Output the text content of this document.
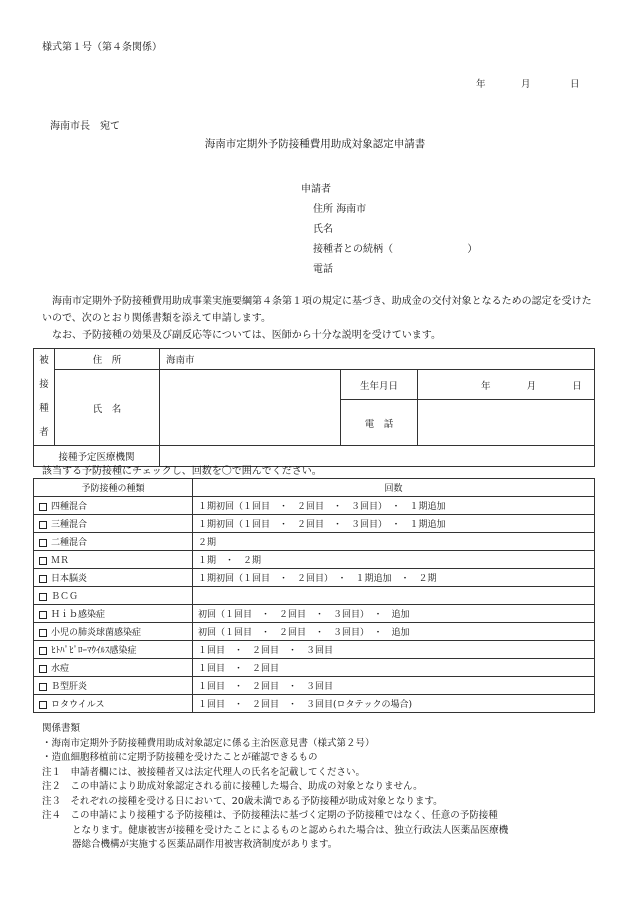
様式第１号（第４条関係）
年	月	日
海南市長　宛て
海南市定期外予防接種費用助成対象認定申請書
申請者
住所 海南市
氏名
接種者との続柄（	）
電話

海南市定期外予防接種費用助成事業実施要綱第４条第１項の規定に基づき、助成金の交付対象となるための認定を受けたいので、次のとおり関係書類を添えて申請します。

なお、予防接種の効果及び副反応等については、医師から十分な説明を受けています。

被
接
種
者	住　所	海南市		
	氏　名		生年月日	年 月 日
			電　話	

接種予定医療機関				
該当する予防接種にチェックし、回数を〇で囲んでください。
予防接種の種類	回数
四種混合	１期初回（１回目　・　２回目　・　３回目）　・　１期追加
三種混合	１期初回（１回目　・　２回目　・　３回目）　・　１期追加
二種混合	２期
ＭＲ	１期　・　２期
日本脳炎	１期初回（１回目　・　２回目）　・　１期追加　・　２期
ＢＣＧ	
Ｈｉｂ感染症	初回（１回目　・　２回目　・　３回目）　・　追加
小児の肺炎球菌感染症	初回（１回目　・　２回目　・　３回目）　・　追加
ﾋﾄﾊﾟﾋﾟﾛｰﾏｳｲﾙｽ感染症	１回目　・　２回目　・　３回目
水痘	１回目　・　２回目
Ｂ型肝炎	１回目　・　２回目　・　３回目
ロタウイルス	１回目　・　２回目　・　３回目(ロタテックの場合)
関係書類
・海南市定期外予防接種費用助成対象認定に係る主治医意見書（様式第２号）
・造血細胞移植前に定期予防接種を受けたことが確認できるもの
注１　申請者欄には、被接種者又は法定代理人の氏名を記載してください。
注２　この申請により助成対象認定される前に接種した場合、助成の対象となりません。
注３　それぞれの接種を受ける日において、20歳未満である予防接種が助成対象となります。
注４　この申請により接種する予防接種は、予防接種法に基づく定期の予防接種ではなく、任意の予防接種
となります。健康被害が接種を受けたことによるものと認められた場合は、独立行政法人医薬品医療機
器総合機構が実施する医薬品副作用被害救済制度があります。
